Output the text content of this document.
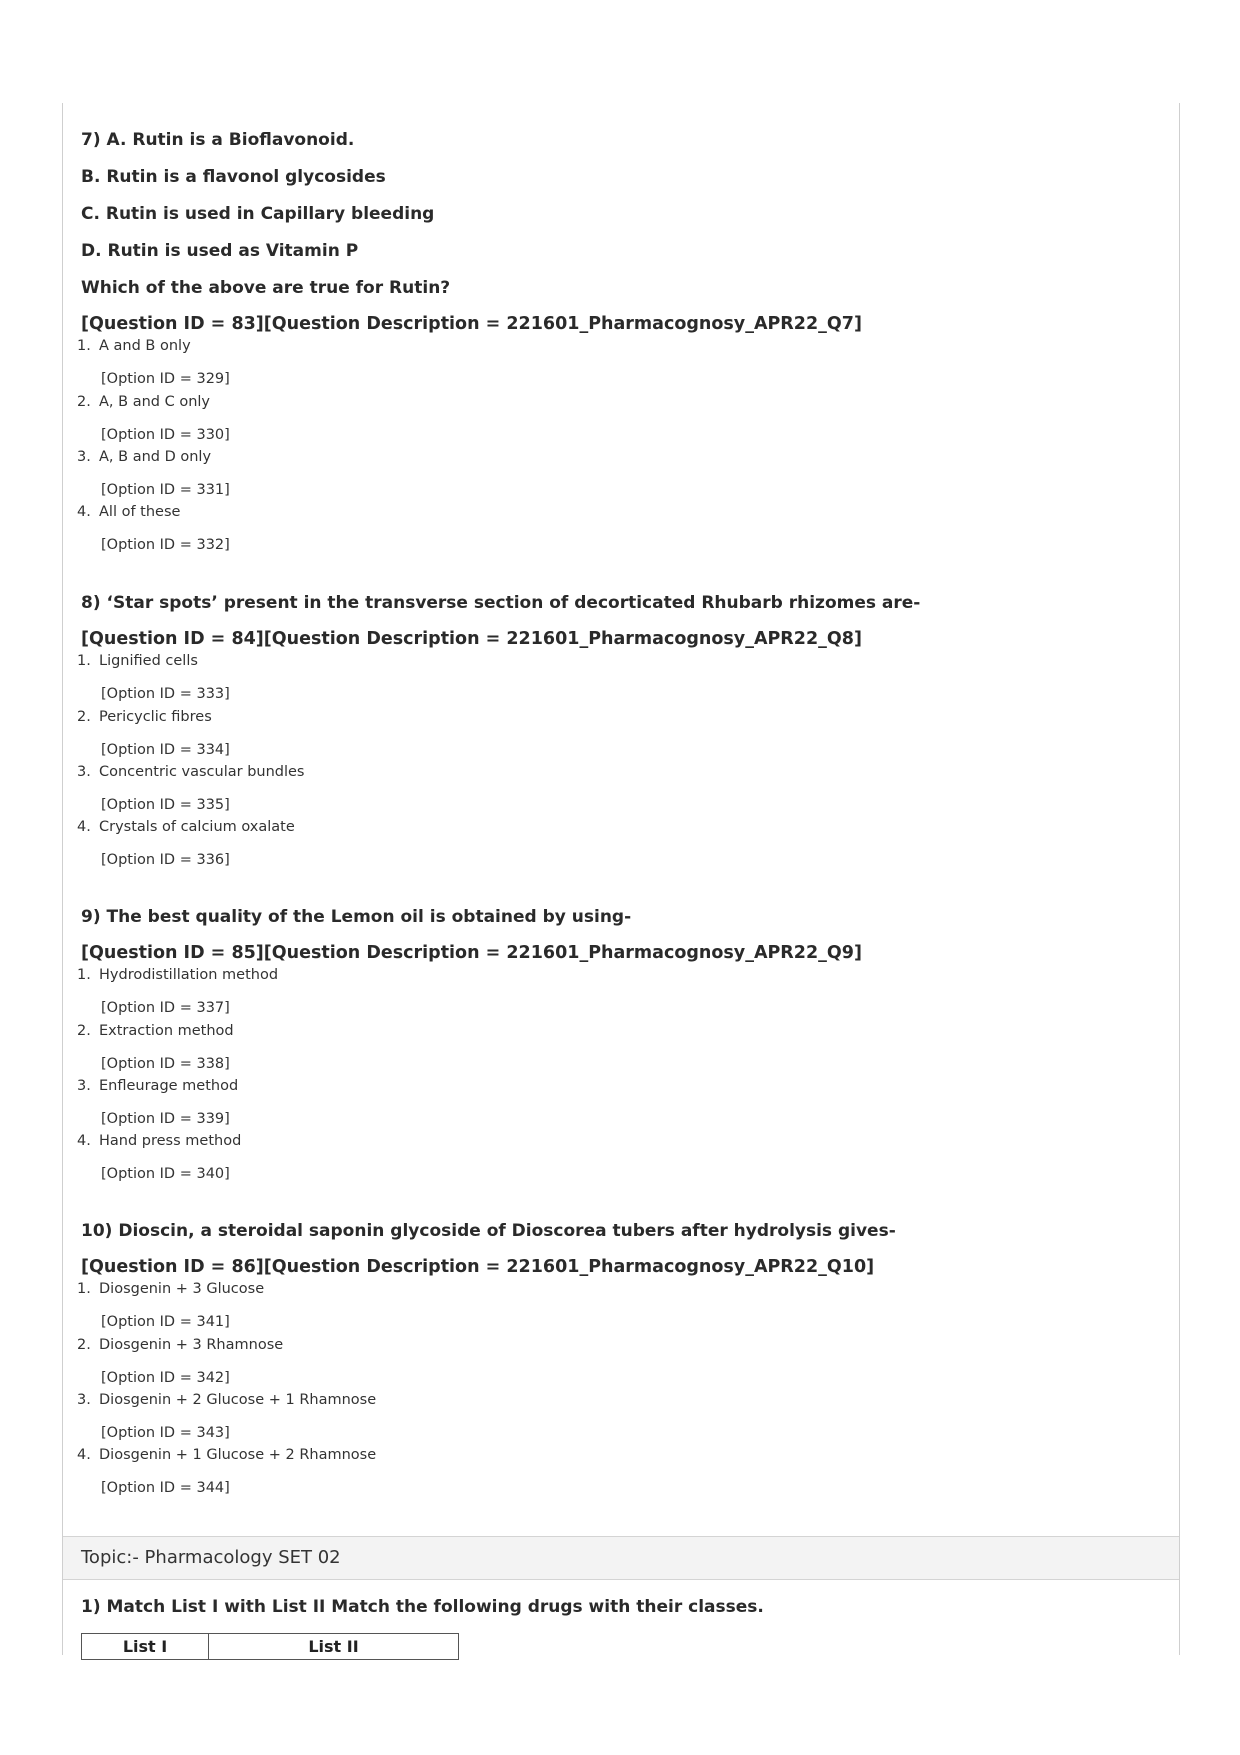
7) A. Rutin is a Bioflavonoid.
B. Rutin is a flavonol glycosides
C. Rutin is used in Capillary bleeding
D. Rutin is used as Vitamin P
Which of the above are true for Rutin?
[Question ID = 83][Question Description = 221601_Pharmacognosy_APR22_Q7]
1. A and B only
[Option ID = 329]
2. A, B and C only
[Option ID = 330]
3. A, B and D only
[Option ID = 331]
4. All of these
[Option ID = 332]
8) ‘Star spots’ present in the transverse section of decorticated Rhubarb rhizomes are-
[Question ID = 84][Question Description = 221601_Pharmacognosy_APR22_Q8]
1. Lignified cells
[Option ID = 333]
2. Pericyclic fibres
[Option ID = 334]
3. Concentric vascular bundles
[Option ID = 335]
4. Crystals of calcium oxalate
[Option ID = 336]
9) The best quality of the Lemon oil is obtained by using-
[Question ID = 85][Question Description = 221601_Pharmacognosy_APR22_Q9]
1. Hydrodistillation method
[Option ID = 337]
2. Extraction method
[Option ID = 338]
3. Enfleurage method
[Option ID = 339]
4. Hand press method
[Option ID = 340]
10) Dioscin, a steroidal saponin glycoside of Dioscorea tubers after hydrolysis gives-
[Question ID = 86][Question Description = 221601_Pharmacognosy_APR22_Q10]
1. Diosgenin + 3 Glucose
[Option ID = 341]
2. Diosgenin + 3 Rhamnose
[Option ID = 342]
3. Diosgenin + 2 Glucose + 1 Rhamnose
[Option ID = 343]
4. Diosgenin + 1 Glucose + 2 Rhamnose
[Option ID = 344]
Topic:- Pharmacology SET 02
1) Match List I with List II Match the following drugs with their classes.
List I	List II
